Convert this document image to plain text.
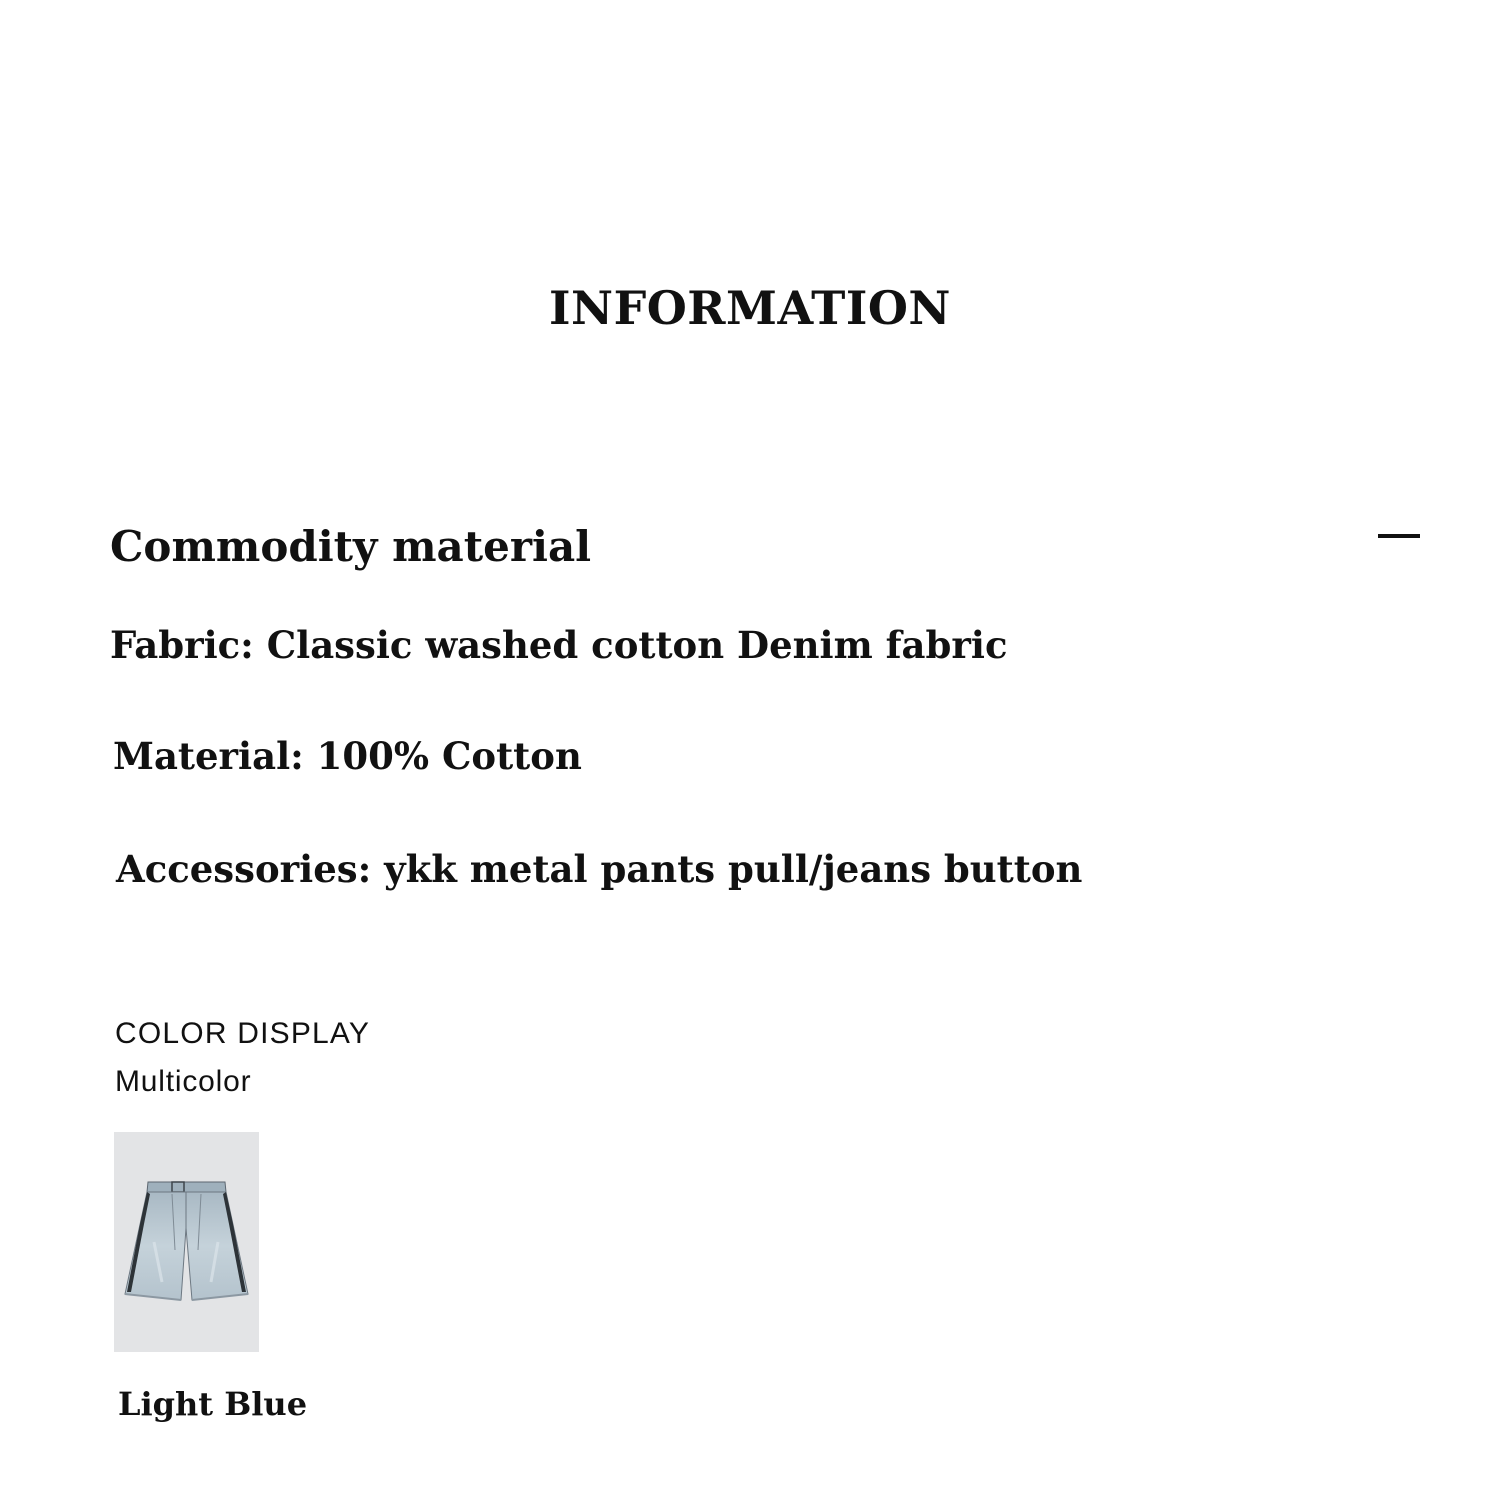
INFORMATION
Commodity material
Fabric: Classic washed cotton Denim fabric
Material: 100% Cotton
Accessories: ykk metal pants pull/jeans button
COLOR DISPLAY
Multicolor
Light Blue
